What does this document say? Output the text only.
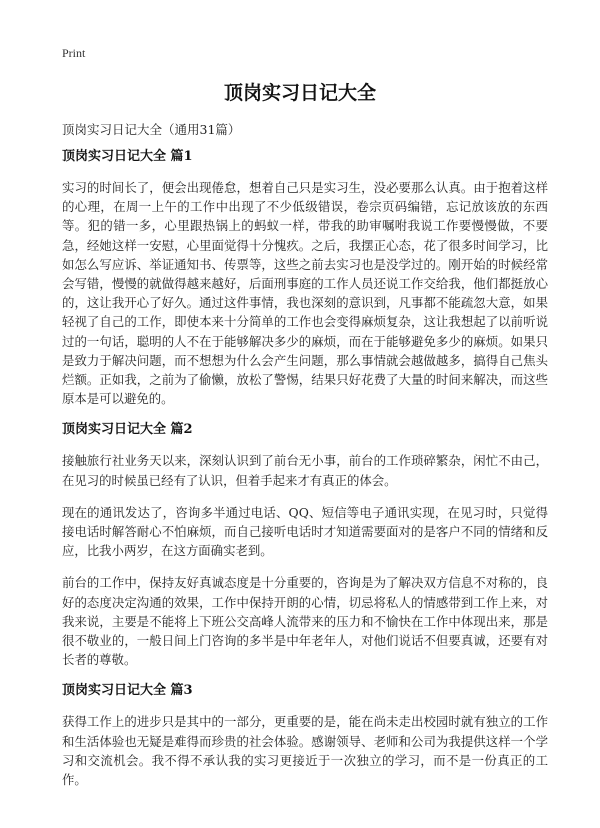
Print
顶岗实习日记大全
顶岗实习日记大全（通用31篇）
顶岗实习日记大全 篇1

实习的时间长了，便会出现倦怠，想着自己只是实习生，没必要那么认真。由于抱着这样的心理，在周一上午的工作中出现了不少低级错误，卷宗页码编错，忘记放该放的东西等。犯的错一多，心里跟热锅上的蚂蚁一样，带我的助审嘱咐我说工作要慢慢做，不要急，经她这样一安慰，心里面觉得十分愧疚。之后，我摆正心态，花了很多时间学习，比如怎么写应诉、举证通知书、传票等，这些之前去实习也是没学过的。刚开始的时候经常会写错，慢慢的就做得越来越好，后面刑事庭的工作人员还说工作交给我，他们都挺放心的，这让我开心了好久。通过这件事情，我也深刻的意识到，凡事都不能疏忽大意，如果轻视了自己的工作，即使本来十分简单的工作也会变得麻烦复杂，这让我想起了以前听说过的一句话，聪明的人不在于能够解决多少的麻烦，而在于能够避免多少的麻烦。如果只是致力于解决问题，而不想想为什么会产生问题，那么事情就会越做越多，搞得自己焦头烂额。正如我，之前为了偷懒，放松了警惕，结果只好花费了大量的时间来解决，而这些原本是可以避免的。

顶岗实习日记大全 篇2

接触旅行社业务天以来，深刻认识到了前台无小事，前台的工作琐碎繁杂，闲忙不由己，在见习的时候虽已经有了认识，但着手起来才有真正的体会。

现在的通讯发达了，咨询多半通过电话、QQ、短信等电子通讯实现，在见习时，只觉得接电话时解答耐心不怕麻烦，而自己接听电话时才知道需要面对的是客户不同的情绪和反应，比我小两岁，在这方面确实老到。

前台的工作中，保持友好真诚态度是十分重要的，咨询是为了解决双方信息不对称的，良好的态度决定沟通的效果，工作中保持开朗的心情，切忌将私人的情感带到工作上来，对我来说，主要是不能将上下班公交高峰人流带来的压力和不愉快在工作中体现出来，那是很不敬业的，一般日间上门咨询的多半是中年老年人，对他们说话不但要真诚，还要有对长者的尊敬。

顶岗实习日记大全 篇3

获得工作上的进步只是其中的一部分，更重要的是，能在尚未走出校园时就有独立的工作和生活体验也无疑是难得而珍贵的社会体验。感谢领导、老师和公司为我提供这样一个学习和交流机会。我不得不承认我的实习更接近于一次独立的学习，而不是一份真正的工作。
